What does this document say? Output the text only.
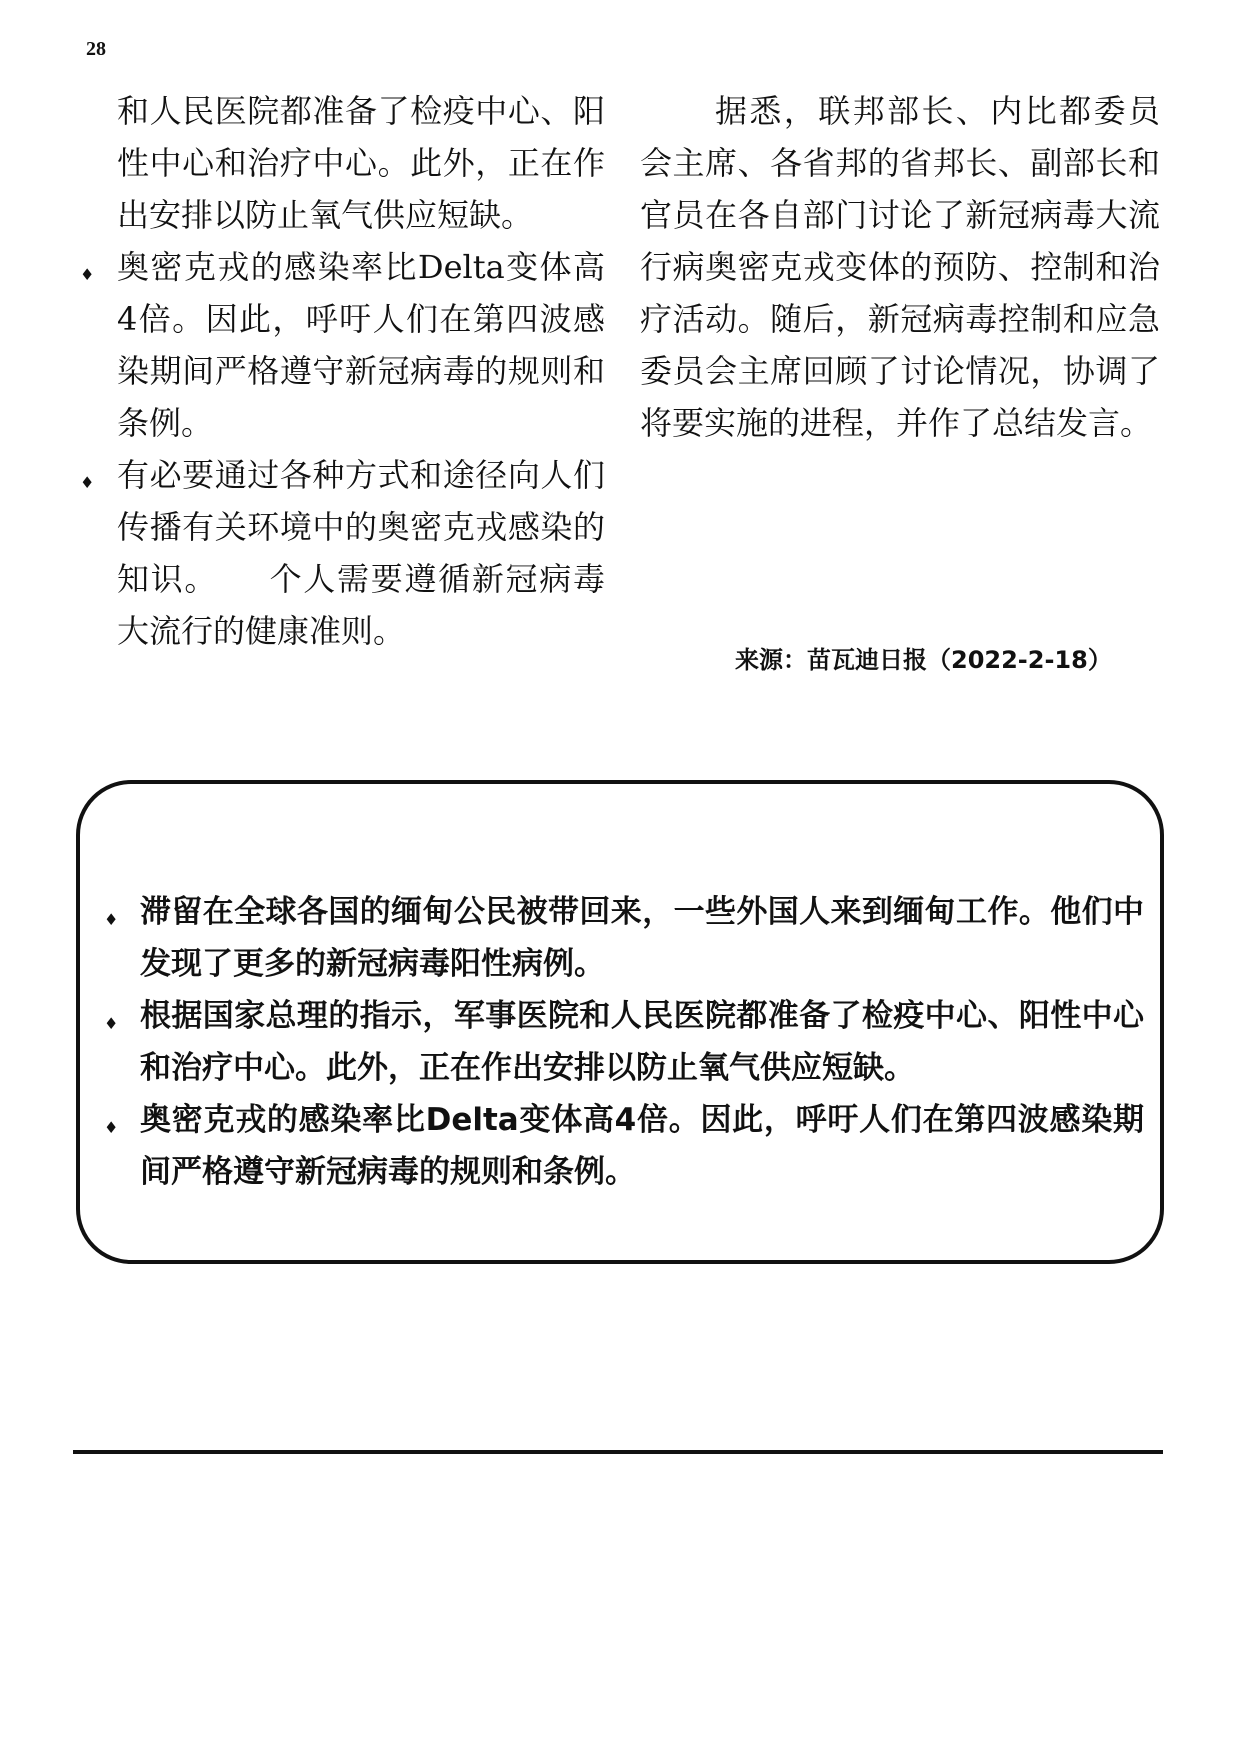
28
和人民医院都准备了检疫中心、阳性中心和治疗中心。此外，正在作出安排以防止氧气供应短缺。
♦ 奥密克戎的感染率比Delta变体高4倍。因此，呼吁人们在第四波感染期间严格遵守新冠病毒的规则和条例。
♦ 有必要通过各种方式和途径向人们传播有关环境中的奥密克戎感染的知识。　　个人需要遵循新冠病毒大流行的健康准则。

据悉，联邦部长、内比都委员会主席、各省邦的省邦长、副部长和官员在各自部门讨论了新冠病毒大流行病奥密克戎变体的预防、控制和治疗活动。随后，新冠病毒控制和应急委员会主席回顾了讨论情况，协调了将要实施的进程，并作了总结发言。

来源：苗瓦迪日报（2022-2-18）
♦ 滞留在全球各国的缅甸公民被带回来，一些外国人来到缅甸工作。他们中发现了更多的新冠病毒阳性病例。
♦ 根据国家总理的指示，军事医院和人民医院都准备了检疫中心、阳性中心和治疗中心。此外，正在作出安排以防止氧气供应短缺。
♦ 奥密克戎的感染率比Delta变体高4倍。因此，呼吁人们在第四波感染期间严格遵守新冠病毒的规则和条例。
